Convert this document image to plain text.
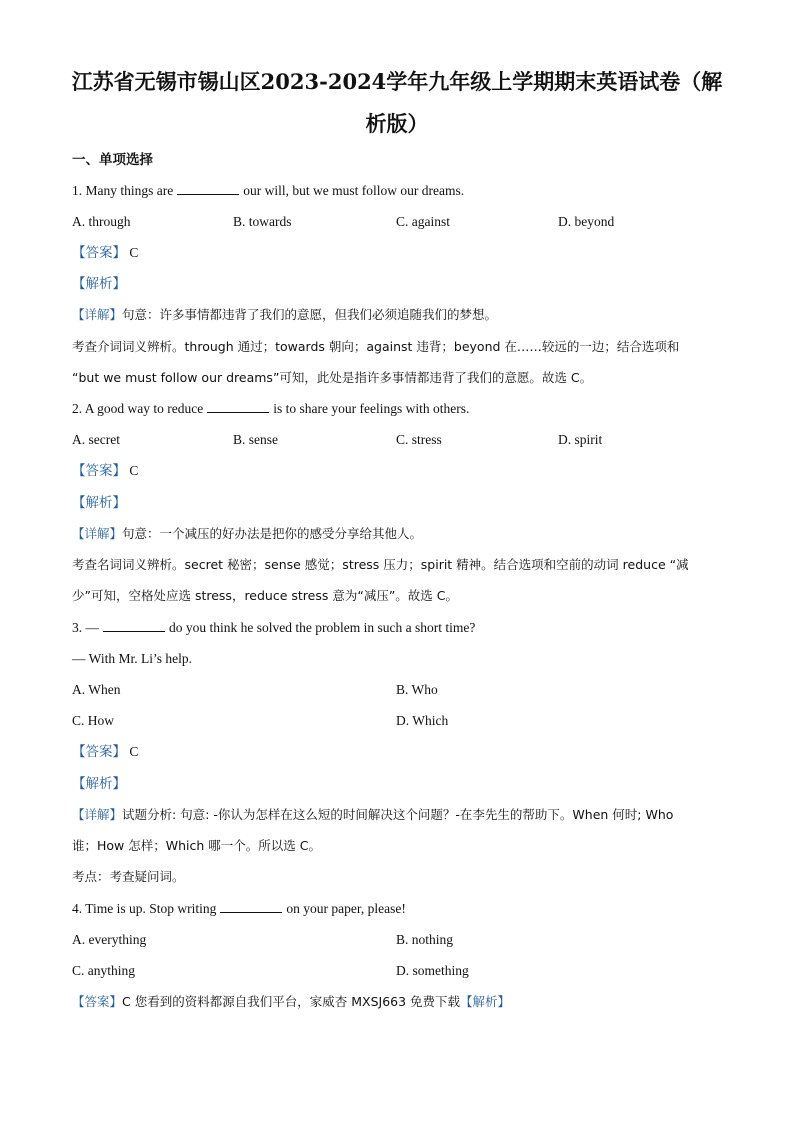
江苏省无锡市锡山区2023-2024学年九年级上学期期末英语试卷（解
析版）
一、单项选择
1. Many things are	our will, but we must follow our dreams.
A. through	B. towards	C. against	D. beyond
【答案】 C
【解析】
【详解】句意：许多事情都违背了我们的意愿，但我们必须追随我们的梦想。
考查介词词义辨析。through 通过；towards 朝向；against 违背；beyond 在……较远的一边；结合选项和
“but we must follow our dreams”可知，此处是指许多事情都违背了我们的意愿。故选 C。
2. A good way to reduce	is to share your feelings with others.
A. secret	B. sense	C. stress	D. spirit
【答案】 C
【解析】
【详解】句意：一个减压的好办法是把你的感受分享给其他人。
考查名词词义辨析。secret 秘密；sense 感觉；stress 压力；spirit 精神。结合选项和空前的动词 reduce “减
少”可知，空格处应选 stress，reduce stress 意为“减压”。故选 C。
3. —	do you think he solved the problem in such a short time?
— With Mr. Li’s help.
A. When	B. Who
C. How	D. Which
【答案】 C
【解析】
【详解】试题分析: 句意: -你认为怎样在这么短的时间解决这个问题？-在李先生的帮助下。When 何时; Who
谁；How 怎样；Which 哪一个。所以选 C。
考点：考查疑问词。
4. Time is up. Stop writing	on your paper, please!
A. everything	B. nothing
C. anything	D. something
【答案】C 您看到的资料都源自我们平台，家威杏 MXSJ663 免费下载【解析】
